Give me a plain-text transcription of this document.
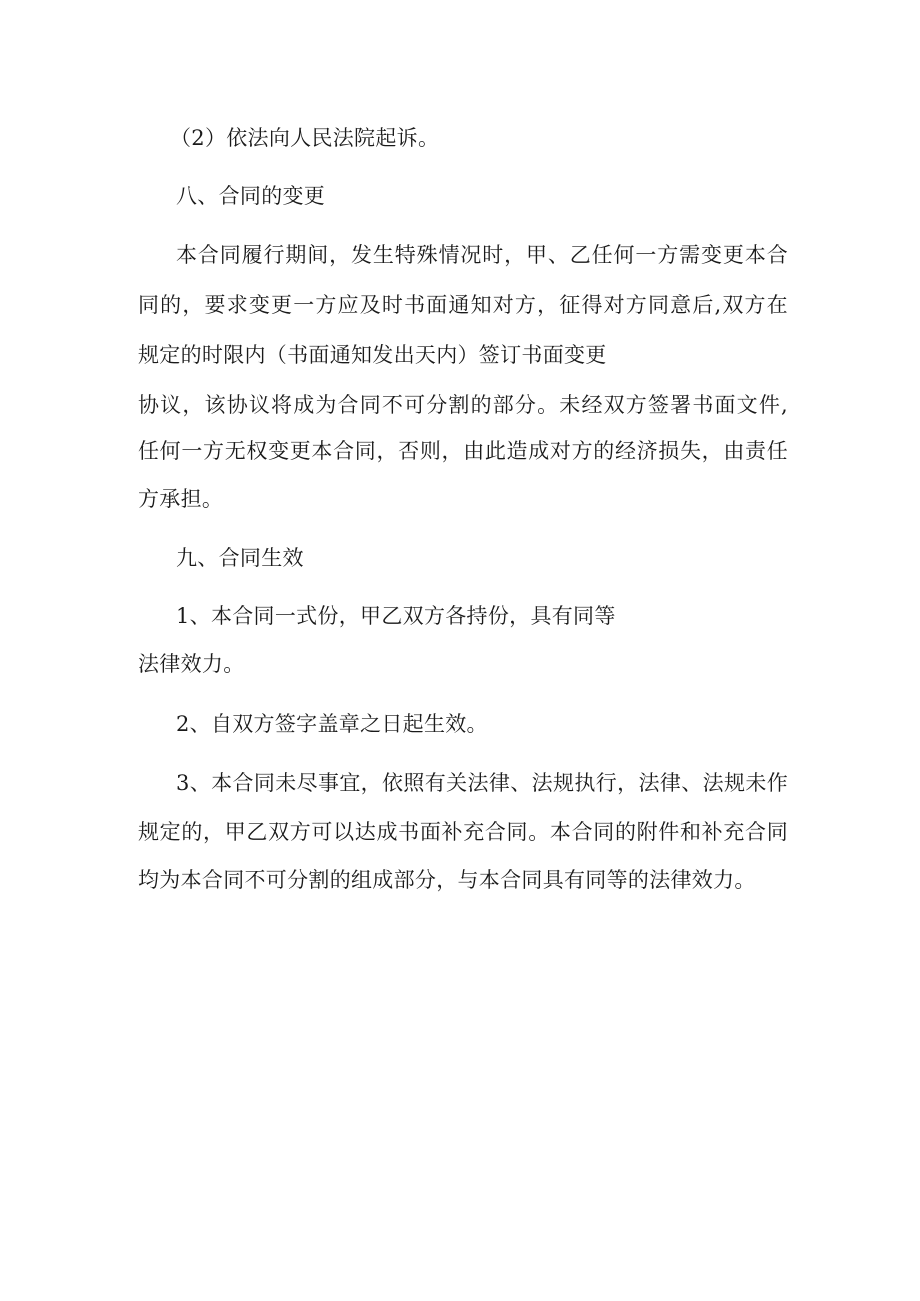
（2）依法向人民法院起诉。
八、合同的变更
本合同履行期间，发生特殊情况时，甲、乙任何一方需变更本合
同的，要求变更一方应及时书面通知对方，征得对方同意后,双方在
规定的时限内（书面通知发出天内）签订书面变更
协议，该协议将成为合同不可分割的部分。未经双方签署书面文件,
任何一方无权变更本合同，否则，由此造成对方的经济损失，由责任
方承担。
九、合同生效
1、本合同一式份，甲乙双方各持份，具有同等
法律效力。
2、自双方签字盖章之日起生效。
3、本合同未尽事宜，依照有关法律、法规执行，法律、法规未作
规定的，甲乙双方可以达成书面补充合同。本合同的附件和补充合同
均为本合同不可分割的组成部分，与本合同具有同等的法律效力。
